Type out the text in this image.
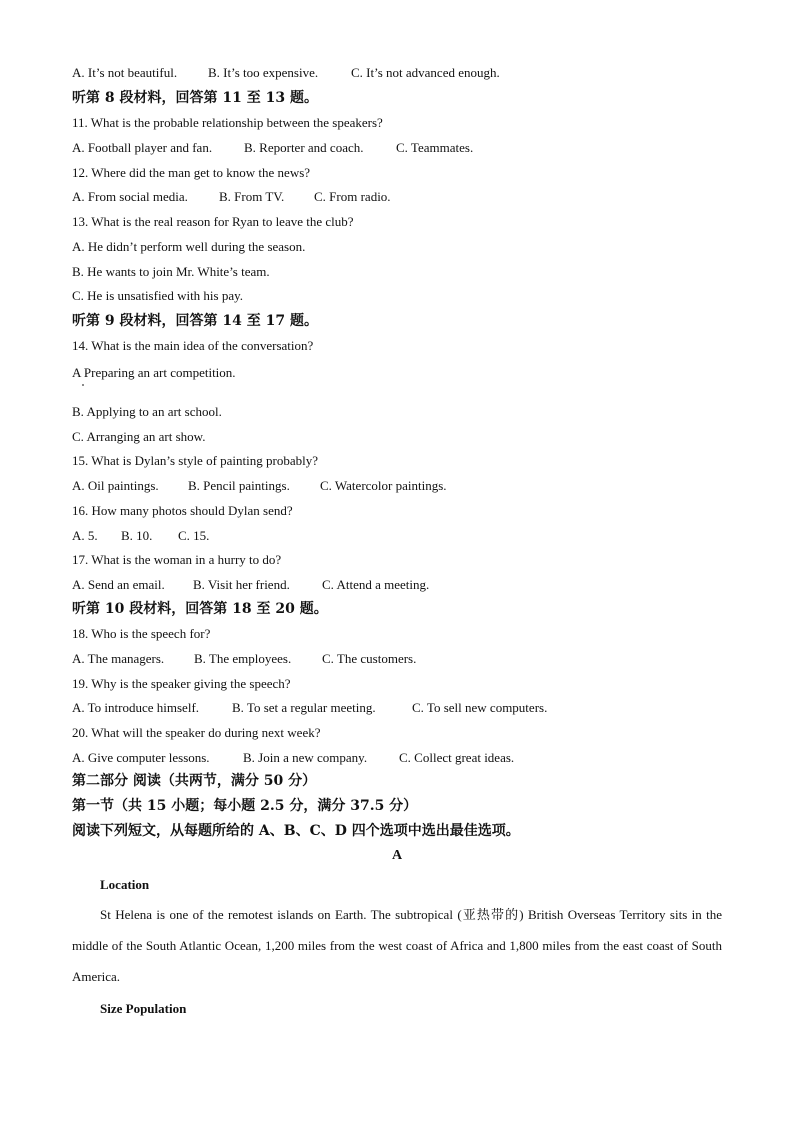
A. It’s not beautiful. B. It’s too expensive.	C. It’s not advanced enough.
听第 8 段材料，回答第 11 至 13 题。
11. What is the probable relationship between the speakers?
A. Football player and fan. B. Reporter and coach.	C. Teammates.
12. Where did the man get to know the news?
A. From social media. B. From TV. C. From radio.
13. What is the real reason for Ryan to leave the club?
A. He didn’t perform well during the season.
B. He wants to join Mr. White’s team.
C. He is unsatisfied with his pay.
听第 9 段材料，回答第 14 至 17 题。
14. What is the main idea of the conversation?
A Preparing an art competition.
B. Applying to an art school.
C. Arranging an art show.
15. What is Dylan’s style of painting probably?
A. Oil paintings. B. Pencil paintings. C. Watercolor paintings.
16. How many photos should Dylan send?
A. 5. B. 10. C. 15.
17. What is the woman in a hurry to do?
A. Send an email. B. Visit her friend. C. Attend a meeting.
听第 10 段材料，回答第 18 至 20 题。
18. Who is the speech for?
A. The managers. B. The employees. C. The customers.
19. Why is the speaker giving the speech?
A. To introduce himself.	B. To set a regular meeting.	C. To sell new computers.
20. What will the speaker do during next week?
A. Give computer lessons.	B. Join a new company. C. Collect great ideas.
第二部分 阅读（共两节，满分 50 分）
第一节（共 15 小题；每小题 2.5 分，满分 37.5 分）
阅读下列短文，从每题所给的 A、B、C、D 四个选项中选出最佳选项。
A
Location
St Helena is one of the remotest islands on Earth. The subtropical (亚热带的) British Overseas Territory sits in the middle of the South Atlantic Ocean, 1,200 miles from the west coast of Africa and 1,800 miles from the east coast of South America.
Size Population
